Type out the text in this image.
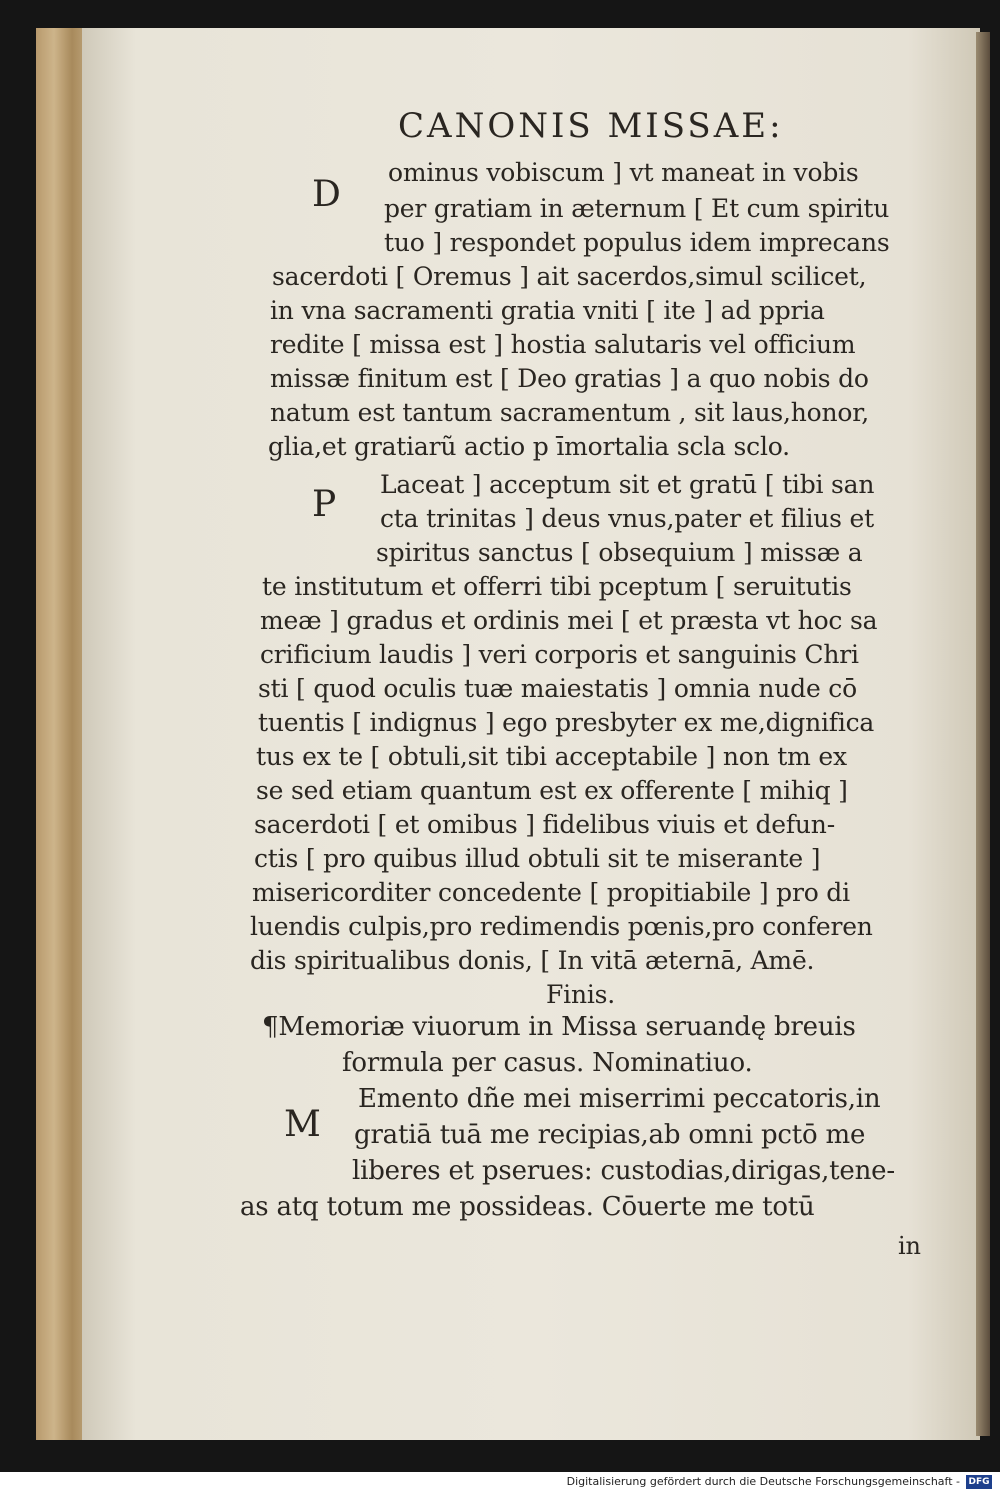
CANONIS MISSAE:
D
P
M
ominus vobiscum ] vt maneat in vobis
per gratiam in æternum [ Et cum spiritu
tuo ] respondet populus idem imprecans
sacerdoti [ Oremus ] ait sacerdos,simul scilicet,
in vna sacramenti gratia vniti [ ite ] ad ppria
redite [ missa est ] hostia salutaris vel officium
missæ finitum est [ Deo gratias ] a quo nobis do
natum est tantum sacramentum , sit laus,honor,
glia,et gratiarũ actio p īmortalia scla sclo.
Laceat ] acceptum sit et gratū [ tibi san
cta trinitas ] deus vnus,pater et filius et
spiritus sanctus [ obsequium ] missæ a
te institutum et offerri tibi pceptum [ seruitutis
meæ ] gradus et ordinis mei [ et præsta vt hoc sa
crificium laudis ] veri corporis et sanguinis Chri
sti [ quod oculis tuæ maiestatis ] omnia nude cō
tuentis [ indignus ] ego presbyter ex me,dignifica
tus ex te [ obtuli,sit tibi acceptabile ] non tm ex
se sed etiam quantum est ex offerente [ mihiq ]
sacerdoti [ et omibus ] fidelibus viuis et defun-
ctis [ pro quibus illud obtuli sit te miserante ]
misericorditer concedente [ propitiabile ] pro di
luendis culpis,pro redimendis pœnis,pro conferen
dis spiritualibus donis, [ In vitā æternā, Amē.
Finis.
¶Memoriæ viuorum in Missa seruandę breuis
formula per casus. Nominatiuo.
Emento dñe mei miserrimi peccatoris,in
gratiā tuā me recipias,ab omni pctō me
liberes et pserues: custodias,dirigas,tene-
as atq totum me possideas. Cōuerte me totū
in
Digitalisierung gefördert durch die Deutsche Forschungsgemeinschaft - DFG
